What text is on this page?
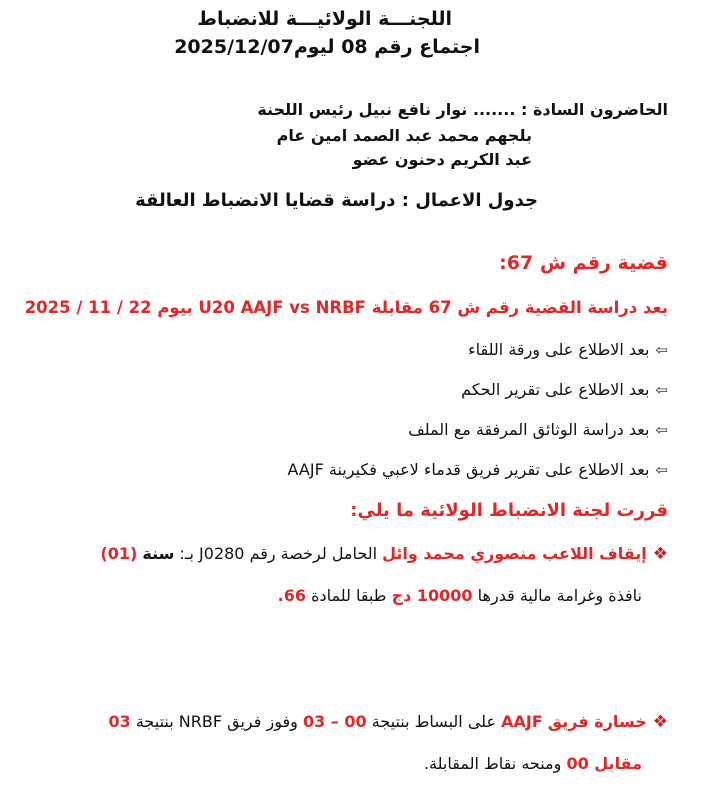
اللجنـــة الولائيـــة للانضباط
اجتماع رقم 08 ليوم2025/12/07
الحاضرون السادة : ....... نوار نافع نبيل رئيس اللحنة
بلجهم محمد عبد الصمد امين عام
عبد الكريم دحنون عضو
جدول الاعمال : دراسة قضايا الانضباط العالقة
قضية رقم ش 67:
بعد دراسة القضية رقم ش 67 مقابلة U20 AAJF vs NRBF بيوم 2025 / 11 / 22
⇦بعد الاطلاع على ورقة اللقاء
⇦بعد الاطلاع على تقرير الحكم
⇦بعد دراسة الوثائق المرفقة مع الملف
⇦بعد الاطلاع على تقرير فريق قدماء لاعبي فكيرينة AAJF
قررت لجنة الانضباط الولائية ما يلي:
❖إيقاف اللاعب منصوري محمد وائل الحامل لرخصة رقم J0280 بـ: سنة (01)
نافذة وغرامة مالية قدرها 10000 دج طبقا للمادة 66.
❖خسارة فريق AAJF على البساط بنتيجة 03 – 00 وفوز فريق NRBF بنتيجة 03
مقابل 00 ومنحه نقاط المقابلة.
